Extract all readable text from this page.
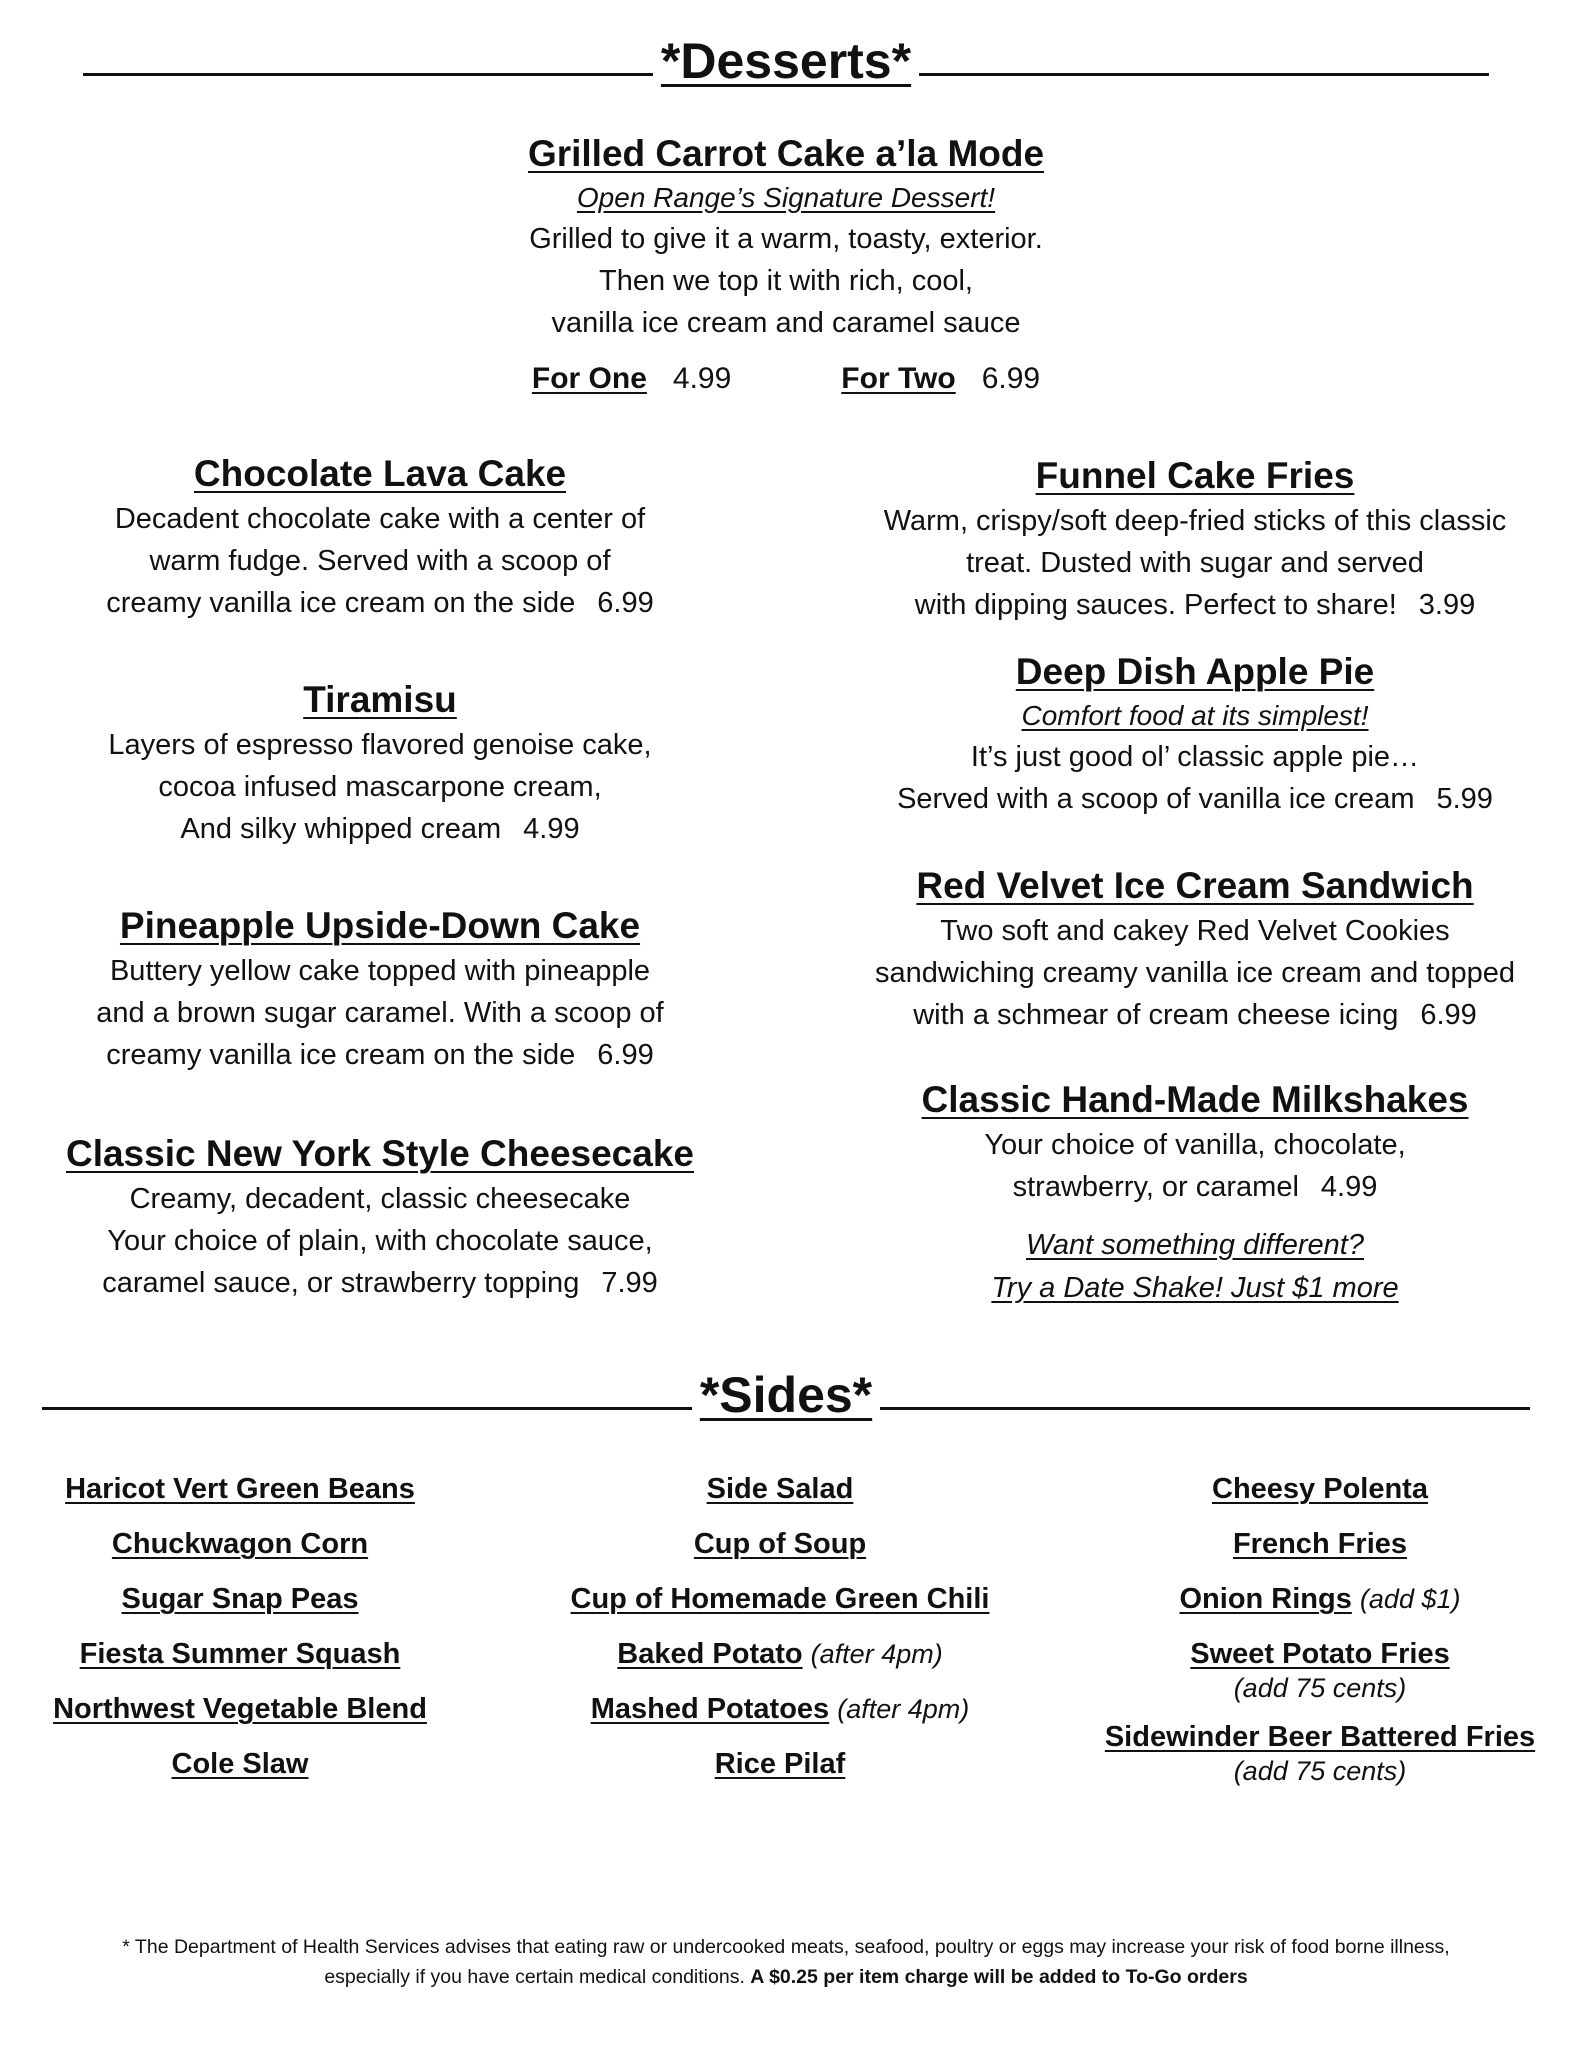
*Desserts*
Grilled Carrot Cake a’la Mode
Open Range’s Signature Dessert!
Grilled to give it a warm, toasty, exterior.
Then we top it with rich, cool,
vanilla ice cream and caramel sauce
For One 4.99	For Two 6.99
Chocolate Lava Cake
Decadent chocolate cake with a center of
warm fudge. Served with a scoop of
creamy vanilla ice cream on the side 6.99
Tiramisu
Layers of espresso flavored genoise cake,
cocoa infused mascarpone cream,
And silky whipped cream 4.99
Pineapple Upside-Down Cake
Buttery yellow cake topped with pineapple
and a brown sugar caramel. With a scoop of
creamy vanilla ice cream on the side 6.99
Classic New York Style Cheesecake
Creamy, decadent, classic cheesecake
Your choice of plain, with chocolate sauce,
caramel sauce, or strawberry topping 7.99
Funnel Cake Fries
Warm, crispy/soft deep-fried sticks of this classic
treat. Dusted with sugar and served
with dipping sauces. Perfect to share! 3.99
Deep Dish Apple Pie
Comfort food at its simplest!
It’s just good ol’ classic apple pie…
Served with a scoop of vanilla ice cream 5.99
Red Velvet Ice Cream Sandwich
Two soft and cakey Red Velvet Cookies
sandwiching creamy vanilla ice cream and topped
with a schmear of cream cheese icing 6.99
Classic Hand-Made Milkshakes
Your choice of vanilla, chocolate,
strawberry, or caramel 4.99
Want something different?
Try a Date Shake! Just $1 more
*Sides*
Haricot Vert Green Beans
Chuckwagon Corn
Sugar Snap Peas
Fiesta Summer Squash
Northwest Vegetable Blend
Cole Slaw
Side Salad
Cup of Soup
Cup of Homemade Green Chili
Baked Potato (after 4pm)
Mashed Potatoes (after 4pm)
Rice Pilaf
Cheesy Polenta
French Fries
Onion Rings (add $1)
Sweet Potato Fries
(add 75 cents)
Sidewinder Beer Battered Fries
(add 75 cents)
* The Department of Health Services advises that eating raw or undercooked meats, seafood, poultry or eggs may increase your risk of food borne illness,
especially if you have certain medical conditions. A $0.25 per item charge will be added to To-Go orders
